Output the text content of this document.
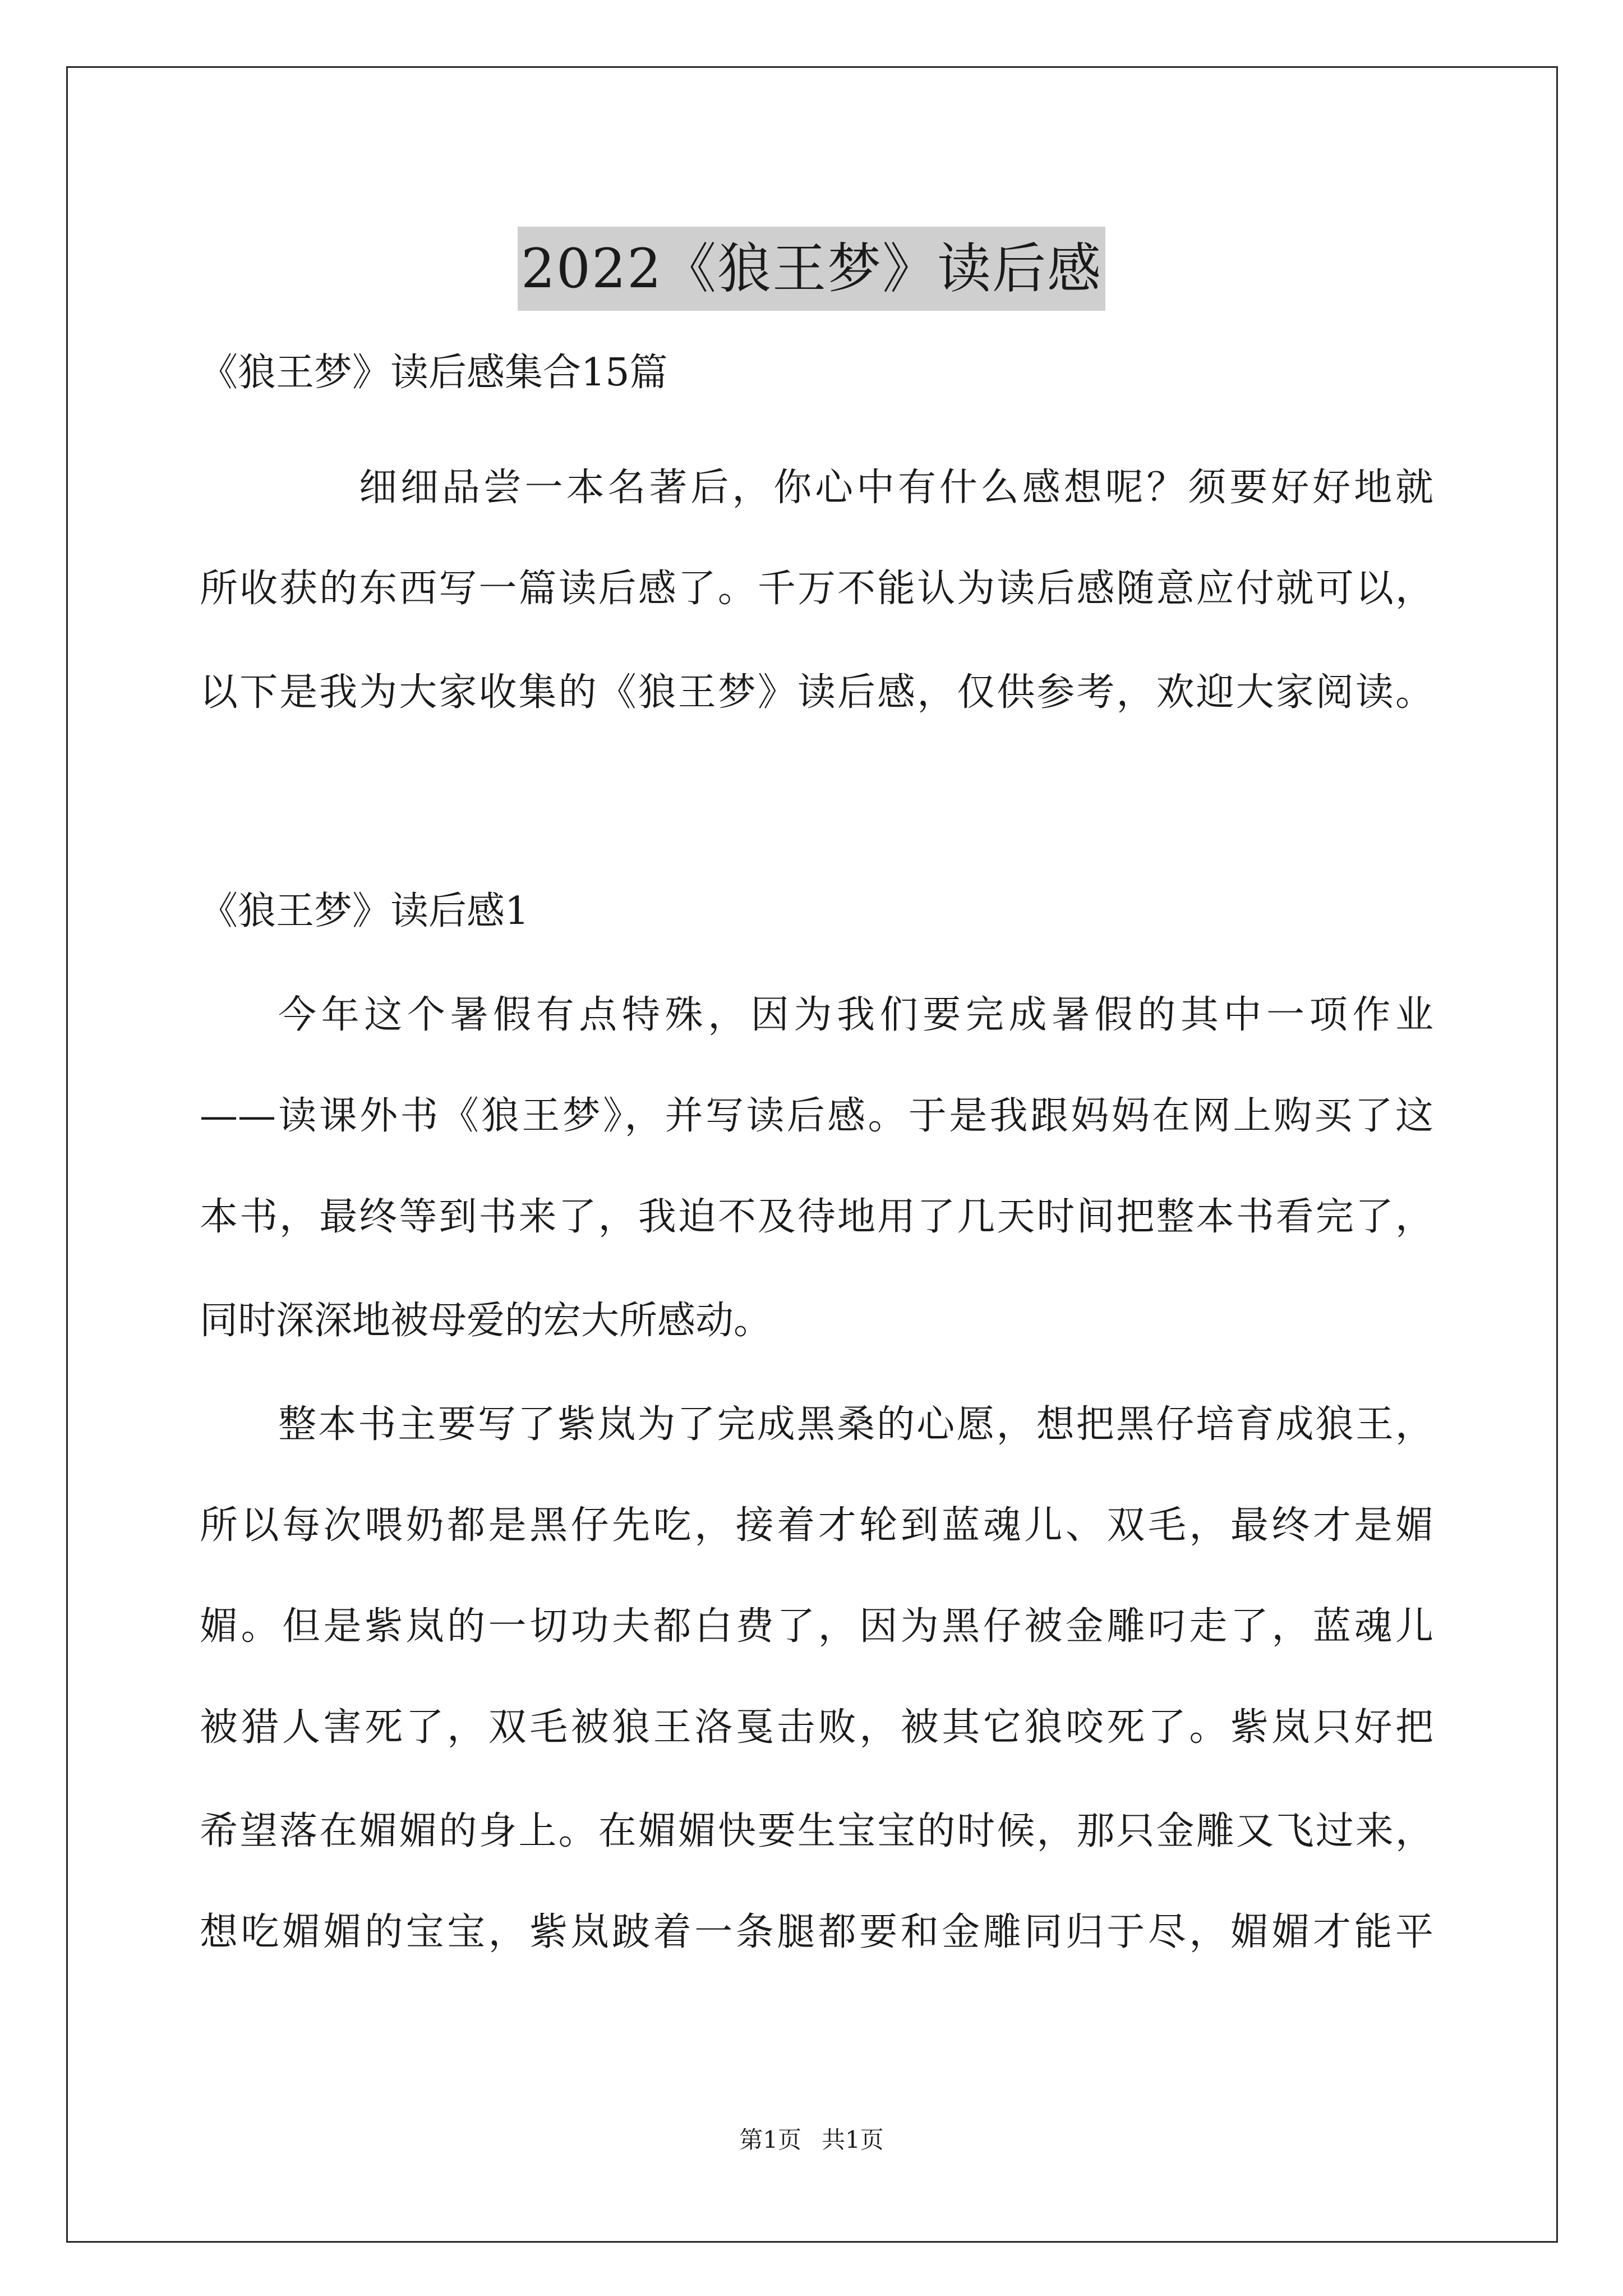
2022《狼王梦》读后感
《狼王梦》读后感集合15篇
细细品尝一本名著后，你心中有什么感想呢？须要好好地就
所收获的东西写一篇读后感了。千万不能认为读后感随意应付就可以，
以下是我为大家收集的《狼王梦》读后感，仅供参考，欢迎大家阅读。
《狼王梦》读后感1
今年这个暑假有点特殊，因为我们要完成暑假的其中一项作业
——读课外书《狼王梦》，并写读后感。于是我跟妈妈在网上购买了这
本书，最终等到书来了，我迫不及待地用了几天时间把整本书看完了，
同时深深地被母爱的宏大所感动。
整本书主要写了紫岚为了完成黑桑的心愿，想把黑仔培育成狼王，
所以每次喂奶都是黑仔先吃，接着才轮到蓝魂儿、双毛，最终才是媚
媚。但是紫岚的一切功夫都白费了，因为黑仔被金雕叼走了，蓝魂儿
被猎人害死了，双毛被狼王洛戛击败，被其它狼咬死了。紫岚只好把
希望落在媚媚的身上。在媚媚快要生宝宝的时候，那只金雕又飞过来，
想吃媚媚的宝宝，紫岚跛着一条腿都要和金雕同归于尽，媚媚才能平
第1页 共1页
